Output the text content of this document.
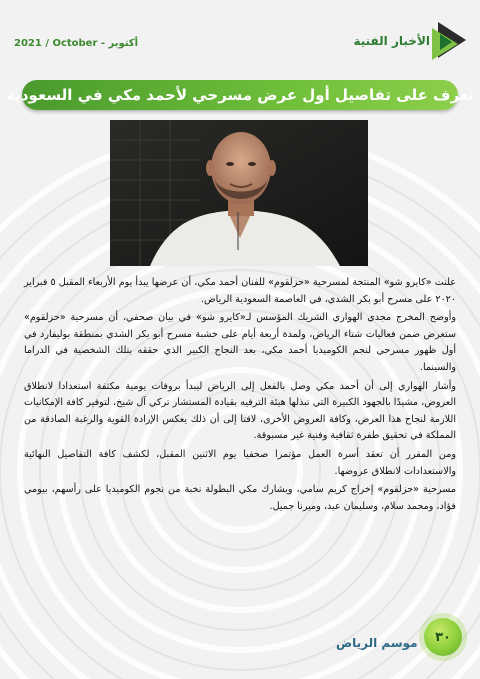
2021 / October - أكتوبر	الأخبار الفنية
تعرف على تفاصيل أول عرض مسرحي لأحمد مكي في السعودية

علنت «كايرو شو» المنتجة لمسرحية «حزلقوم» للفنان أحمد مكي، أن عرضها يبدأ يوم الأربعاء المقبل ٥ فبراير ٢٠٢٠ على مسرح أبو بكر الشدي، في العاصمة السعودية الرياض.

وأوضح المخرج مجدي الهواري الشريك المؤسس لـ«كايرو شو» في بيان صحفي، أن مسرحية «حزلقوم» ستعرض ضمن فعاليات شتاء الرياض، ولمدة أربعة أيام على خشبة مسرح أبو بكر الشدي بمنطقة بوليفارد في أول ظهور مسرحي لنجم الكوميديا أحمد مكي، بعد النجاح الكبير الذي حققه بتلك الشخصية في الدراما والسينما.

وأشار الهواري إلى أن أحمد مكي وصل بالفعل إلى الرياض ليبدأ بروفات يومية مكثفة استعدادا لانطلاق العروض، مشيدًا بالجهود الكبيرة التي تبذلها هيئة الترفيه بقيادة المستشار تركي آل شيخ، لتوفير كافة الإمكانيات اللازمة لنجاح هذا العرض، وكافة العروض الأخرى، لافتا إلى أن ذلك يعكس الإرادة القوية والرغبة الصادقة من المملكة في تحقيق طفرة ثقافية وفنية غير مسبوقة.

ومن المقرر أن تعقد أسرة العمل مؤتمرا صحفيا يوم الاثنين المقبل، لكشف كافة التفاصيل النهائية والاستعدادات لانطلاق عروضها.

مسرحية «حزلقوم» إخراج كريم سامي، ويشارك مكي البطولة نخبة من نجوم الكوميديا على رأسهم، بيومي فؤاد، ومحمد سلام، وسليمان عيد، وميرنا جميل.

موسم الرياض ٣٠
